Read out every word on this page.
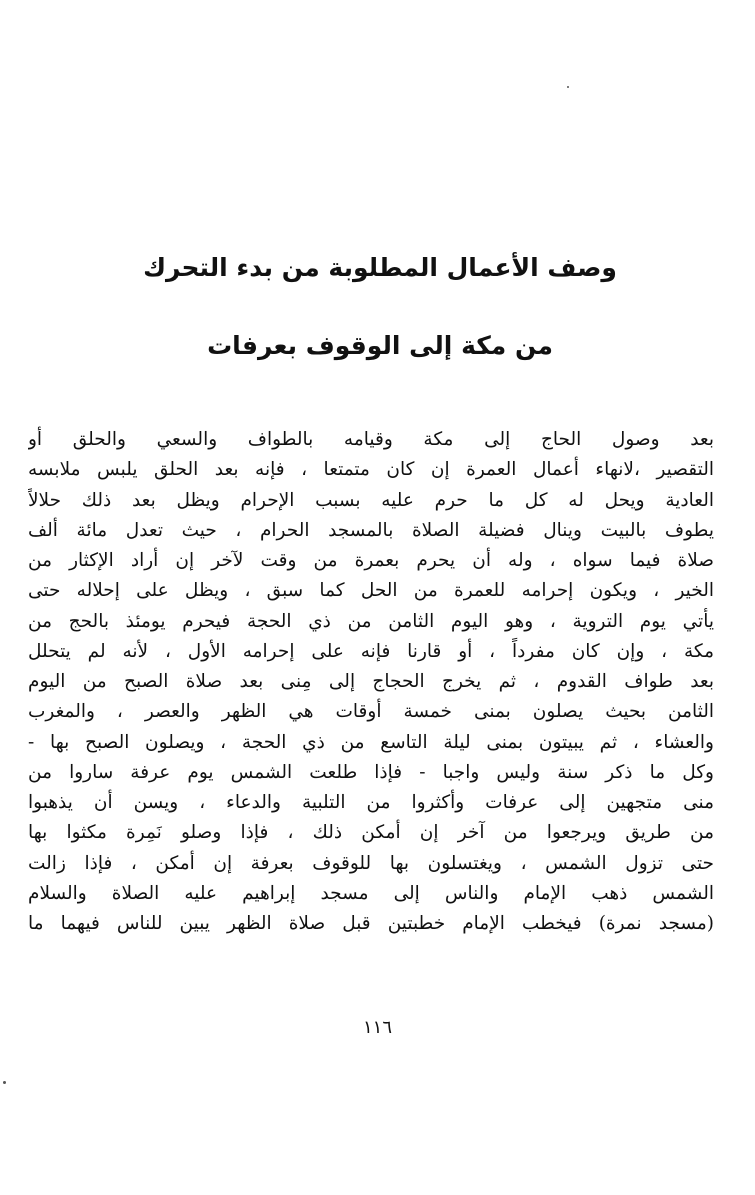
وصف الأعمال المطلوبة من بدء التحرك
من مكة إلى الوقوف بعرفات
بعد وصول الحاج إلى مكة وقيامه بالطواف والسعي والحلق أو
التقصير ،لانهاء أعمال العمرة إن كان متمتعا ، فإنه بعد الحلق يلبس ملابسه
العادية ويحل له كل ما حرم عليه بسبب الإحرام ويظل بعد ذلك حلالاً
يطوف بالبيت وينال فضيلة الصلاة بالمسجد الحرام ، حيث تعدل مائة ألف
صلاة فيما سواه ، وله أن يحرم بعمرة من وقت لآخر إن أراد الإكثار من
الخير ، ويكون إحرامه للعمرة من الحل كما سبق ، ويظل على إحلاله حتى
يأتي يوم التروية ، وهو اليوم الثامن من ذي الحجة فيحرم يومئذ بالحج من
مكة ، وإن كان مفرداً ، أو قارنا فإنه على إحرامه الأول ، لأنه لم يتحلل
بعد طواف القدوم ، ثم يخرج الحجاج إلى مِنى بعد صلاة الصبح من اليوم
الثامن بحيث يصلون بمنى خمسة أوقات هي الظهر والعصر ، والمغرب
والعشاء ، ثم يبيتون بمنى ليلة التاسع من ذي الحجة ، ويصلون الصبح بها -
وكل ما ذكر سنة وليس واجبا - فإذا طلعت الشمس يوم عرفة ساروا من
منى متجهين إلى عرفات وأكثروا من التلبية والدعاء ، ويسن أن يذهبوا
من طريق ويرجعوا من آخر إن أمكن ذلك ، فإذا وصلو نَمِرة مكثوا بها
حتى تزول الشمس ، ويغتسلون بها للوقوف بعرفة إن أمكن ، فإذا زالت
الشمس ذهب الإمام والناس إلى مسجد إبراهيم عليه الصلاة والسلام
(مسجد نمرة) فيخطب الإمام خطبتين قبل صلاة الظهر يبين للناس فيهما ما
١١٦
